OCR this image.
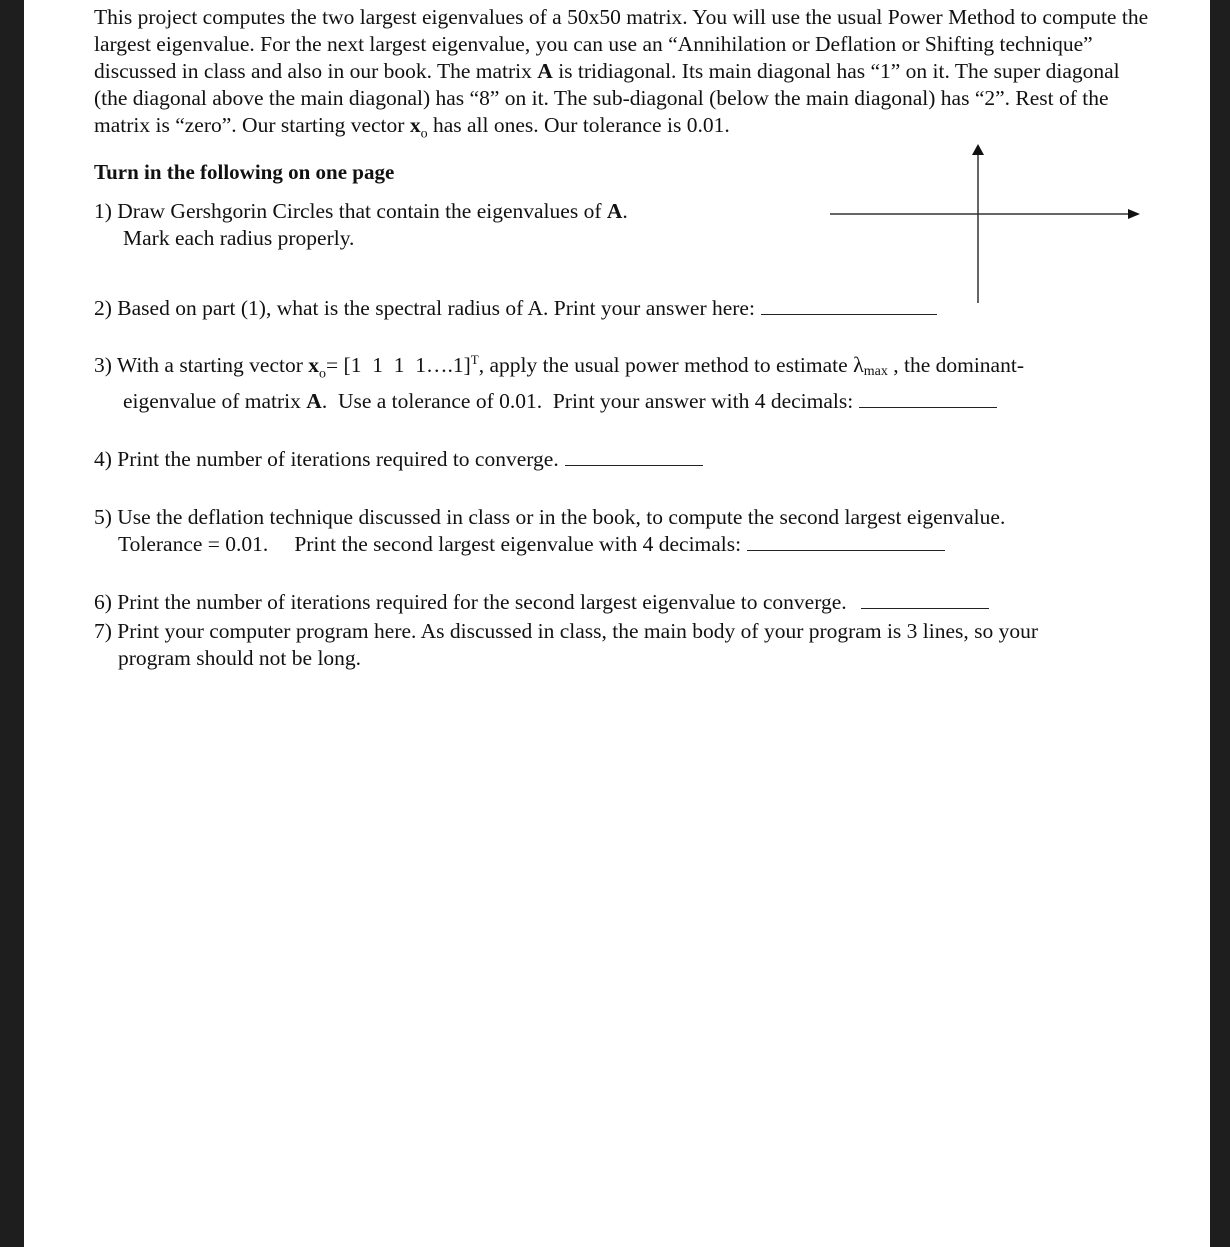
This project computes the two largest eigenvalues of a 50x50 matrix. You will use the usual Power Method to compute the largest eigenvalue. For the next largest eigenvalue, you can use an “Annihilation or Deflation or Shifting technique” discussed in class and also in our book. The matrix A is tridiagonal. Its main diagonal has “1” on it. The super diagonal (the diagonal above the main diagonal) has “8” on it. The sub-diagonal (below the main diagonal) has “2”. Rest of the matrix is “zero”. Our starting vector $x_o$ has all ones. Our tolerance is 0.01.

Turn in the following on one page

1) Draw Gershgorin Circles that contain the eigenvalues of A.
Mark each radius properly.

2) Based on part (1), what is the spectral radius of A. Print your answer here:

3) With a starting vector $x_o= [1$  1  1  1….1]$^T$, apply the usual power method to estimate λmax , the dominant-
eigenvalue of matrix A.  Use a tolerance of 0.01.  Print your answer with 4 decimals:

4) Print the number of iterations required to converge.

5) Use the deflation technique discussed in class or in the book, to compute the second largest eigenvalue.
Tolerance = 0.01. Print the second largest eigenvalue with 4 decimals:

6) Print the number of iterations required for the second largest eigenvalue to converge.

7) Print your computer program here. As discussed in class, the main body of your program is 3 lines, so your
program should not be long.
